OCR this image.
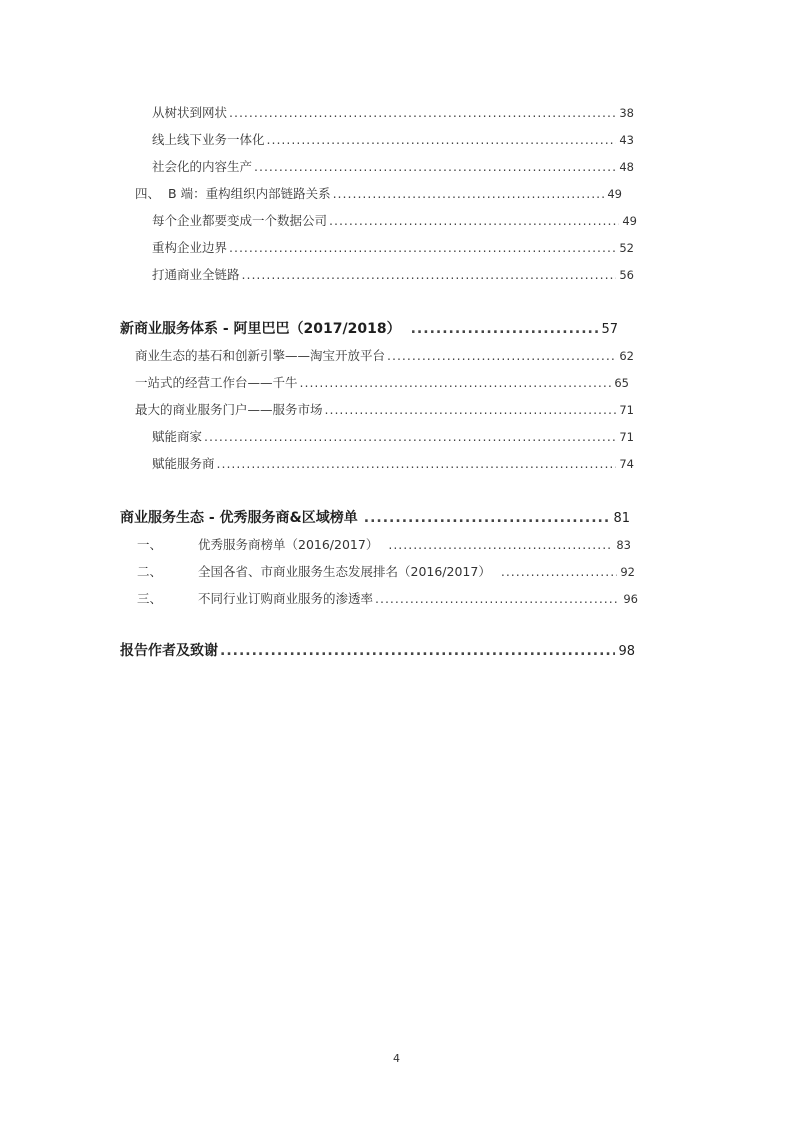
从树状到网状 .....	38
线上线下业务一体化 .....	43
社会化的内容生产 .....	48
四、 B 端：重构组织内部链路关系 .....	49
每个企业都要变成一个数据公司 .....	49
重构企业边界 .....	52
打通商业全链路 .....	56
新商业服务体系 - 阿里巴巴（2017/2018） .....	57
商业生态的基石和创新引擎——淘宝开放平台 .....	62
一站式的经营工作台——千牛 .....	65
最大的商业服务门户——服务市场 .....	71
赋能商家 .....	71
赋能服务商 .....	74
商业服务生态 - 优秀服务商&区域榜单 .....	81
一、	优秀服务商榜单（2016/2017） .....	83
二、	全国各省、市商业服务生态发展排名（2016/2017） .....	92
三、	不同行业订购商业服务的渗透率 .....	96
报告作者及致谢 .....	98
4
